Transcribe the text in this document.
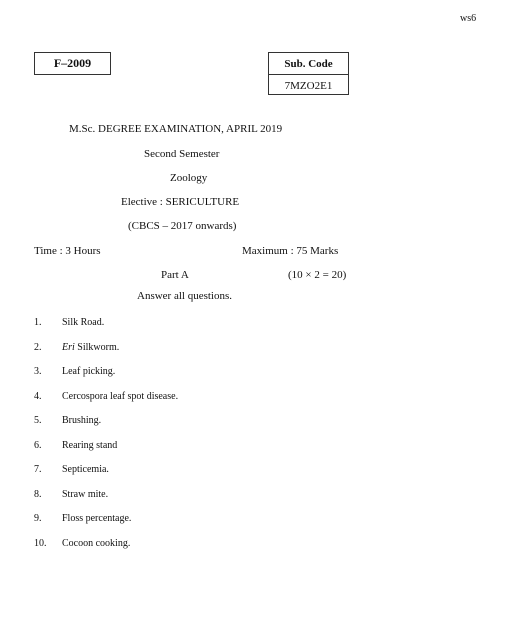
ws6
F–2009	Sub. Code
7MZO2E1
M.Sc. DEGREE EXAMINATION, APRIL 2019
Second Semester
Zoology
Elective : SERICULTURE
(CBCS – 2017 onwards)
Time : 3 Hours	Maximum : 75 Marks
Part A	(10 × 2 = 20)
Answer all questions.
1. Silk Road.
2. Eri Silkworm.
3. Leaf picking.
4. Cercospora leaf spot disease.
5. Brushing.
6. Rearing stand
7. Septicemia.
8. Straw mite.
9. Floss percentage.
10. Cocoon cooking.
